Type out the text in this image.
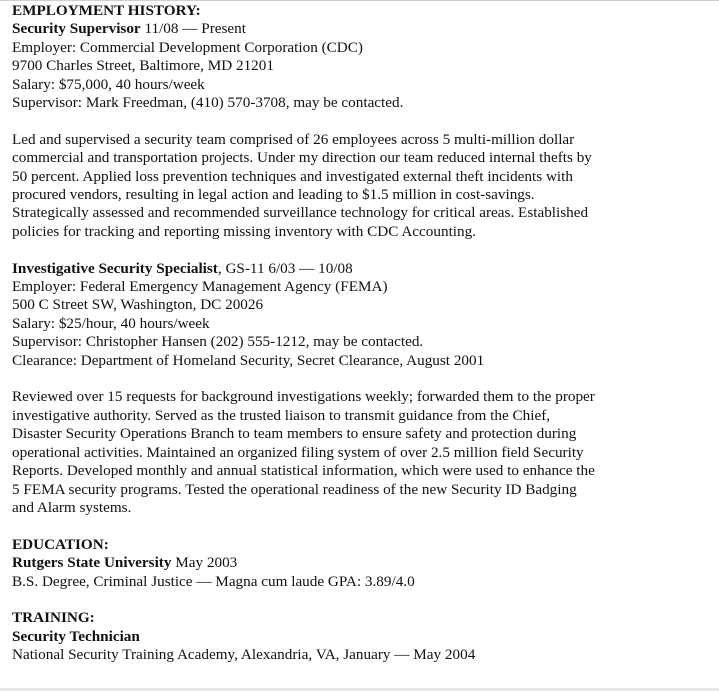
EMPLOYMENT HISTORY:
Security Supervisor 11/08 — Present
Employer: Commercial Development Corporation (CDC)
9700 Charles Street, Baltimore, MD 21201
Salary: $75,000, 40 hours/week
Supervisor: Mark Freedman, (410) 570-3708, may be contacted.
Led and supervised a security team comprised of 26 employees across 5 multi-million dollar
commercial and transportation projects. Under my direction our team reduced internal thefts by
50 percent. Applied loss prevention techniques and investigated external theft incidents with
procured vendors, resulting in legal action and leading to $1.5 million in cost-savings.
Strategically assessed and recommended surveillance technology for critical areas. Established
policies for tracking and reporting missing inventory with CDC Accounting.
Investigative Security Specialist, GS-11 6/03 — 10/08
Employer: Federal Emergency Management Agency (FEMA)
500 C Street SW, Washington, DC 20026
Salary: $25/hour, 40 hours/week
Supervisor: Christopher Hansen (202) 555-1212, may be contacted.
Clearance: Department of Homeland Security, Secret Clearance, August 2001
Reviewed over 15 requests for background investigations weekly; forwarded them to the proper
investigative authority. Served as the trusted liaison to transmit guidance from the Chief,
Disaster Security Operations Branch to team members to ensure safety and protection during
operational activities. Maintained an organized filing system of over 2.5 million field Security
Reports. Developed monthly and annual statistical information, which were used to enhance the
5 FEMA security programs. Tested the operational readiness of the new Security ID Badging
and Alarm systems.
EDUCATION:
Rutgers State University May 2003
B.S. Degree, Criminal Justice — Magna cum laude GPA: 3.89/4.0
TRAINING:
Security Technician
National Security Training Academy, Alexandria, VA, January — May 2004
